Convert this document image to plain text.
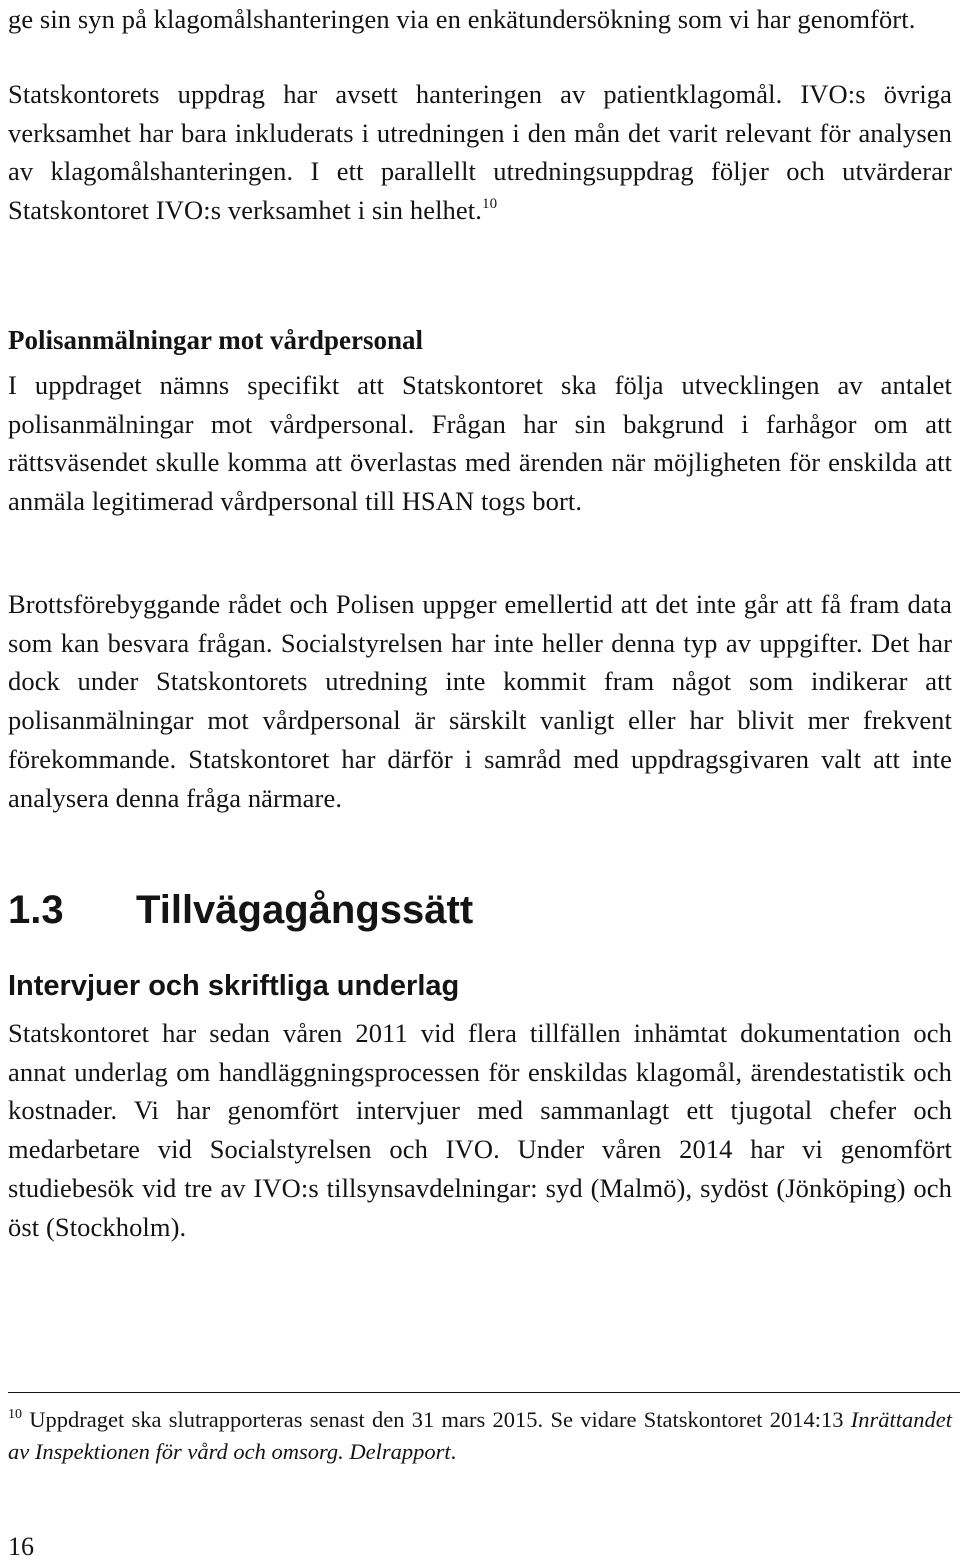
ge sin syn på klagomålshanteringen via en enkätundersökning som vi har genomfört.

Statskontorets uppdrag har avsett hanteringen av patientklagomål. IVO:s övriga verksamhet har bara inkluderats i utredningen i den mån det varit relevant för analysen av klagomålshanteringen. I ett parallellt utredningsuppdrag följer och utvärderar Statskontoret IVO:s verksamhet i sin helhet.$^{10}$

Polisanmälningar mot vårdpersonal

I uppdraget nämns specifikt att Statskontoret ska följa utvecklingen av antalet polisanmälningar mot vårdpersonal. Frågan har sin bakgrund i farhågor om att rättsväsendet skulle komma att överlastas med ärenden när möjligheten för enskilda att anmäla legitimerad vårdpersonal till HSAN togs bort.

Brottsförebyggande rådet och Polisen uppger emellertid att det inte går att få fram data som kan besvara frågan. Socialstyrelsen har inte heller denna typ av uppgifter. Det har dock under Statskontorets utredning inte kommit fram något som indikerar att polisanmälningar mot vårdpersonal är särskilt vanligt eller har blivit mer frekvent förekommande. Statskontoret har därför i samråd med uppdragsgivaren valt att inte analysera denna fråga närmare.

1.3 Tillvägagångssätt
Intervjuer och skriftliga underlag

Statskontoret har sedan våren 2011 vid flera tillfällen inhämtat dokumentation och annat underlag om handläggningsprocessen för enskildas klagomål, ärendestatistik och kostnader. Vi har genomfört intervjuer med sammanlagt ett tjugotal chefer och medarbetare vid Socialstyrelsen och IVO. Under våren 2014 har vi genomfört studiebesök vid tre av IVO:s tillsynsavdelningar: syd (Malmö), sydöst (Jönköping) och öst (Stockholm).

$^{10}$ Uppdraget ska slutrapporteras senast den 31 mars 2015. Se vidare Statskontoret 2014:13 Inrättandet av Inspektionen för vård och omsorg. Delrapport.

16
